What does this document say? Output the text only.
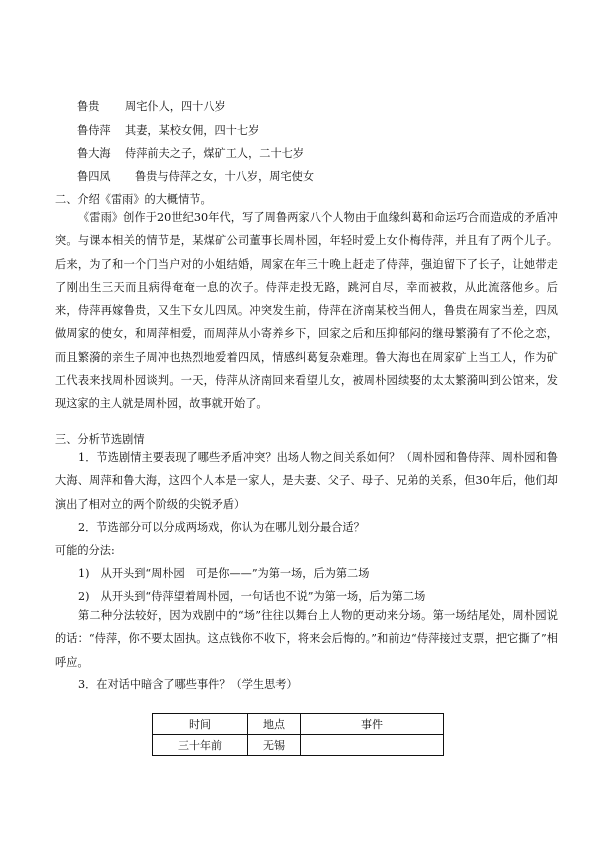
鲁贵 周宅仆人，四十八岁
鲁侍萍 其妻，某校女佣，四十七岁
鲁大海 侍萍前夫之子，煤矿工人，二十七岁
鲁四凤 鲁贵与侍萍之女，十八岁，周宅使女
二、介绍《雷雨》的大概情节。
《雷雨》创作于20世纪30年代，写了周鲁两家八个人物由于血缘纠葛和命运巧合而造成的矛盾冲突。与课本相关的情节是，某煤矿公司董事长周朴园，年轻时爱上女仆梅侍萍，并且有了两个儿子。后来，为了和一个门当户对的小姐结婚，周家在年三十晚上赶走了侍萍，强迫留下了长子，让她带走了刚出生三天而且病得奄奄一息的次子。侍萍走投无路，跳河自尽，幸而被救，从此流落他乡。后来，侍萍再嫁鲁贵，又生下女儿四凤。冲突发生前，侍萍在济南某校当佣人，鲁贵在周家当差，四凤做周家的使女，和周萍相爱，而周萍从小寄养乡下，回家之后和压抑郁闷的继母繁漪有了不伦之恋，而且繁漪的亲生子周冲也热烈地爱着四凤，情感纠葛复杂难理。鲁大海也在周家矿上当工人，作为矿工代表来找周朴园谈判。一天，侍萍从济南回来看望儿女，被周朴园续娶的太太繁漪叫到公馆来，发现这家的主人就是周朴园，故事就开始了。
三、分析节选剧情
1．节选剧情主要表现了哪些矛盾冲突？出场人物之间关系如何？（周朴园和鲁侍萍、周朴园和鲁大海、周萍和鲁大海，这四个人本是一家人，是夫妻、父子、母子、兄弟的关系，但30年后，他们却演出了相对立的两个阶级的尖锐矛盾）
2．节选部分可以分成两场戏，你认为在哪儿划分最合适？
可能的分法:
1)　从开头到“周朴园　可是你——”为第一场，后为第二场
2)　从开头到“侍萍望着周朴园，一句话也不说”为第一场，后为第二场
第二种分法较好，因为戏剧中的“场”往往以舞台上人物的更动来分场。第一场结尾处，周朴园说的话：“侍萍，你不要太固执。这点钱你不收下，将来会后悔的。”和前边“侍萍接过支票，把它撕了”相呼应。
3．在对话中暗含了哪些事件？（学生思考）
时间	地点	事件
三十年前	无锡	
